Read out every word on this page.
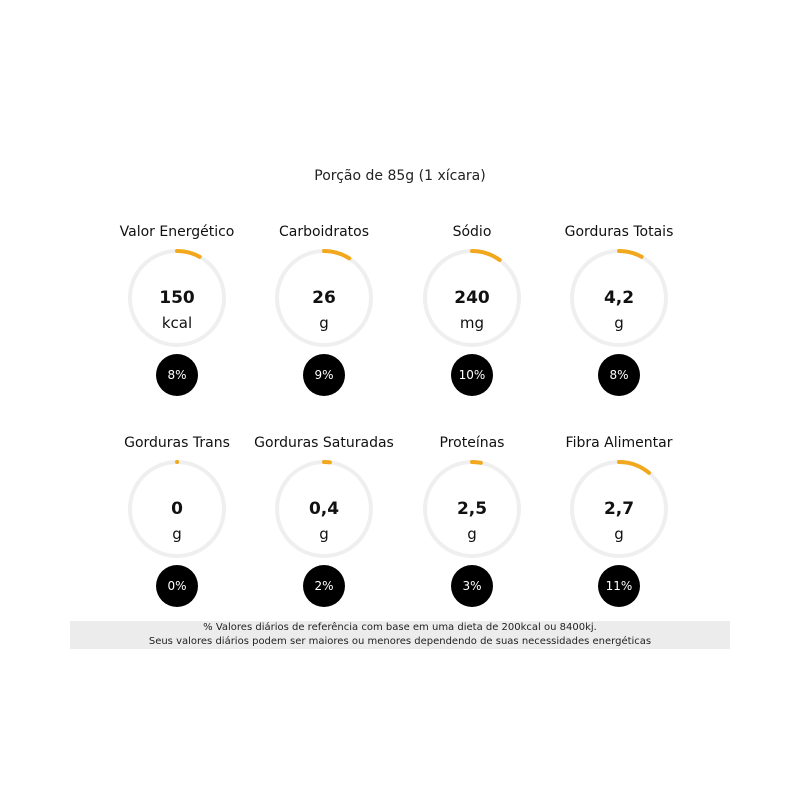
Porção de 85g (1 xícara)
Valor Energético
150
kcal
8%
Carboidratos
26
g
9%
Sódio
240
mg
10%
Gorduras Totais
4,2
g
8%
Gorduras Trans
0
g
0%
Gorduras Saturadas
0,4
g
2%
Proteínas
2,5
g
3%
Fibra Alimentar
2,7
g
11%
% Valores diários de referência com base em uma dieta de 200kcal ou 8400kj.
Seus valores diários podem ser maiores ou menores dependendo de suas necessidades energéticas
